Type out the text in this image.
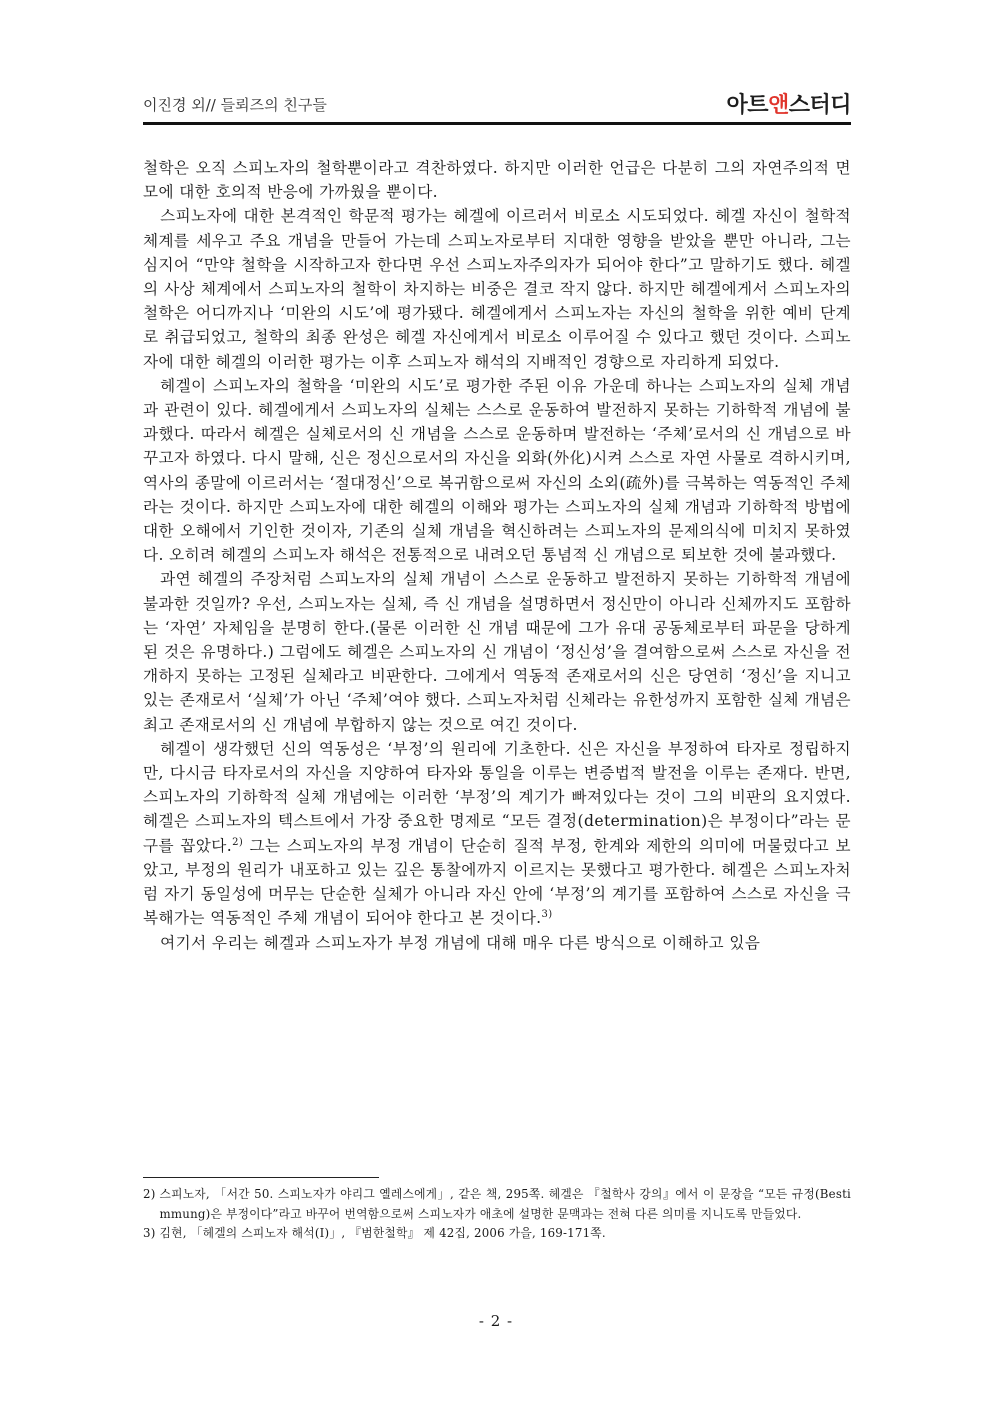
이진경 외// 들뢰즈의 친구들	아트앤스터디

철학은 오직 스피노자의 철학뿐이라고 격찬하였다. 하지만 이러한 언급은 다분히 그의 자연주의적 면모에 대한 호의적 반응에 가까웠을 뿐이다.

스피노자에 대한 본격적인 학문적 평가는 헤겔에 이르러서 비로소 시도되었다. 헤겔 자신이 철학적 체계를 세우고 주요 개념을 만들어 가는데 스피노자로부터 지대한 영향을 받았을 뿐만 아니라, 그는 심지어 “만약 철학을 시작하고자 한다면 우선 스피노자주의자가 되어야 한다”고 말하기도 했다. 헤겔의 사상 체계에서 스피노자의 철학이 차지하는 비중은 결코 작지 않다. 하지만 헤겔에게서 스피노자의 철학은 어디까지나 ‘미완의 시도’에 평가됐다. 헤겔에게서 스피노자는 자신의 철학을 위한 예비 단계로 취급되었고, 철학의 최종 완성은 헤겔 자신에게서 비로소 이루어질 수 있다고 했던 것이다. 스피노자에 대한 헤겔의 이러한 평가는 이후 스피노자 해석의 지배적인 경향으로 자리하게 되었다.

헤겔이 스피노자의 철학을 ‘미완의 시도’로 평가한 주된 이유 가운데 하나는 스피노자의 실체 개념과 관련이 있다. 헤겔에게서 스피노자의 실체는 스스로 운동하여 발전하지 못하는 기하학적 개념에 불과했다. 따라서 헤겔은 실체로서의 신 개념을 스스로 운동하며 발전하는 ‘주체’로서의 신 개념으로 바꾸고자 하였다. 다시 말해, 신은 정신으로서의 자신을 외화(外化)시켜 스스로 자연 사물로 격하시키며, 역사의 종말에 이르러서는 ‘절대정신’으로 복귀함으로써 자신의 소외(疏外)를 극복하는 역동적인 주체라는 것이다. 하지만 스피노자에 대한 헤겔의 이해와 평가는 스피노자의 실체 개념과 기하학적 방법에 대한 오해에서 기인한 것이자, 기존의 실체 개념을 혁신하려는 스피노자의 문제의식에 미치지 못하였다. 오히려 헤겔의 스피노자 해석은 전통적으로 내려오던 통념적 신 개념으로 퇴보한 것에 불과했다.

과연 헤겔의 주장처럼 스피노자의 실체 개념이 스스로 운동하고 발전하지 못하는 기하학적 개념에 불과한 것일까? 우선, 스피노자는 실체, 즉 신 개념을 설명하면서 정신만이 아니라 신체까지도 포함하는 ‘자연’ 자체임을 분명히 한다.(물론 이러한 신 개념 때문에 그가 유대 공동체로부터 파문을 당하게 된 것은 유명하다.) 그럼에도 헤겔은 스피노자의 신 개념이 ‘정신성’을 결여함으로써 스스로 자신을 전개하지 못하는 고정된 실체라고 비판한다. 그에게서 역동적 존재로서의 신은 당연히 ‘정신’을 지니고 있는 존재로서 ‘실체’가 아닌 ‘주체’여야 했다. 스피노자처럼 신체라는 유한성까지 포함한 실체 개념은 최고 존재로서의 신 개념에 부합하지 않는 것으로 여긴 것이다.

헤겔이 생각했던 신의 역동성은 ‘부정’의 원리에 기초한다. 신은 자신을 부정하여 타자로 정립하지만, 다시금 타자로서의 자신을 지양하여 타자와 통일을 이루는 변증법적 발전을 이루는 존재다. 반면, 스피노자의 기하학적 실체 개념에는 이러한 ‘부정’의 계기가 빠져있다는 것이 그의 비판의 요지였다. 헤겔은 스피노자의 텍스트에서 가장 중요한 명제로 “모든 결정(determination)은 부정이다”라는 문구를 꼽았다.$^{2)}$ 그는 스피노자의 부정 개념이 단순히 질적 부정, 한계와 제한의 의미에 머물렀다고 보았고, 부정의 원리가 내포하고 있는 깊은 통찰에까지 이르지는 못했다고 평가한다. 헤겔은 스피노자처럼 자기 동일성에 머무는 단순한 실체가 아니라 자신 안에 ‘부정’의 계기를 포함하여 스스로 자신을 극복해가는 역동적인 주체 개념이 되어야 한다고 본 것이다.$^{3)}$

여기서 우리는 헤겔과 스피노자가 부정 개념에 대해 매우 다른 방식으로 이해하고 있음

2) 스피노자, 「서간 50. 스피노자가 야리그 옐레스에게」, 같은 책, 295쪽. 헤겔은 『철학사 강의』에서 이 문장을 “모든 규정(Bestimmung)은 부정이다”라고 바꾸어 번역함으로써 스피노자가 애초에 설명한 문맥과는 전혀 다른 의미를 지니도록 만들었다.
3) 김현, 「헤겔의 스피노자 해석(I)」, 『범한철학』 제 42집, 2006 가을, 169-171쪽.
- 2 -
